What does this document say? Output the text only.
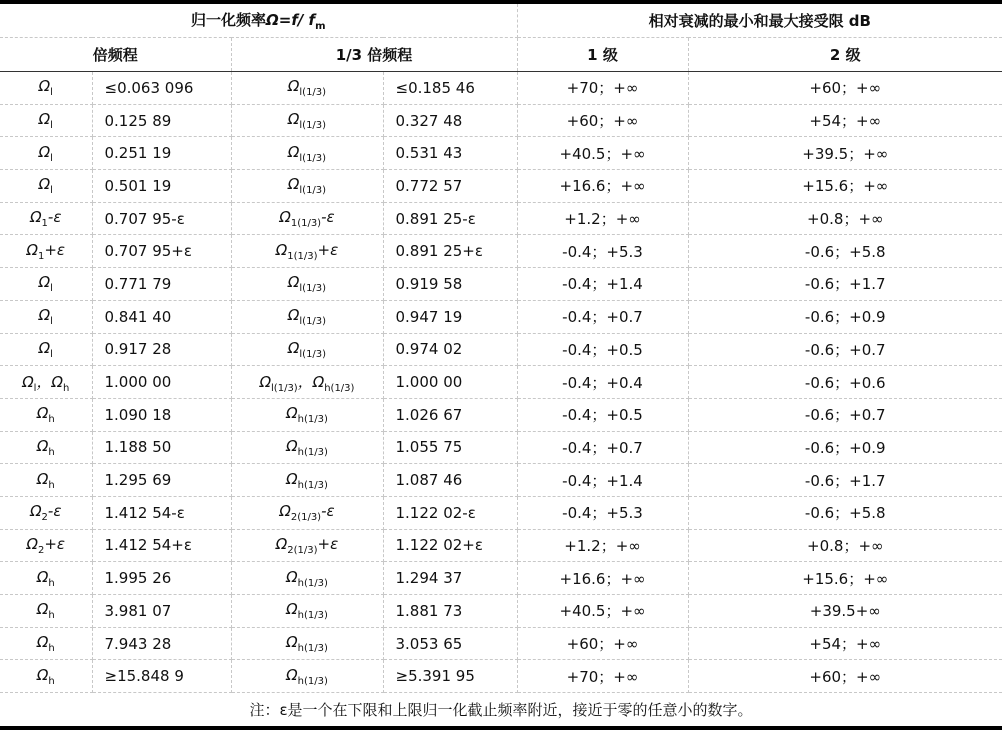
归一化频率Ω=f/ $f_m$				相对衰减的最小和最大接受限 dB	
倍频程		1/3 倍频程		1 级	2 级
$\Omega_l$	≤0.063 096	$\Omega_{l(1/3)}$	≤0.185 46	+70；+∞	+60；+∞
$\Omega_l$	0.125 89	$\Omega_{l(1/3)}$	0.327 48	+60；+∞	+54；+∞
$\Omega_l$	0.251 19	$\Omega_{l(1/3)}$	0.531 43	+40.5；+∞	+39.5；+∞
$\Omega_l$	0.501 19	$\Omega_{l(1/3)}$	0.772 57	+16.6；+∞	+15.6；+∞
$\Omega_1-\varepsilon$	0.707 95-ε	$\Omega_{1(1/3)}-\varepsilon$	0.891 25-ε	+1.2；+∞	+0.8；+∞
$\Omega_1+\varepsilon$	0.707 95+ε	$\Omega_{1(1/3)}+\varepsilon$	0.891 25+ε	-0.4；+5.3	-0.6；+5.8
$\Omega_l$	0.771 79	$\Omega_{l(1/3)}$	0.919 58	-0.4；+1.4	-0.6；+1.7
$\Omega_l$	0.841 40	$\Omega_{l(1/3)}$	0.947 19	-0.4；+0.7	-0.6；+0.9
$\Omega_l$	0.917 28	$\Omega_{l(1/3)}$	0.974 02	-0.4；+0.5	-0.6；+0.7
$\Omega_l$，$\Omega_h$	1.000 00	$\Omega_{l(1/3)}$，$\Omega_{h(1/3)}$	1.000 00	-0.4；+0.4	-0.6；+0.6
$\Omega_h$	1.090 18	$\Omega_{h(1/3)}$	1.026 67	-0.4；+0.5	-0.6；+0.7
$\Omega_h$	1.188 50	$\Omega_{h(1/3)}$	1.055 75	-0.4；+0.7	-0.6；+0.9
$\Omega_h$	1.295 69	$\Omega_{h(1/3)}$	1.087 46	-0.4；+1.4	-0.6；+1.7
$\Omega_2-\varepsilon$	1.412 54-ε	$\Omega_{2(1/3)}-\varepsilon$	1.122 02-ε	-0.4；+5.3	-0.6；+5.8
$\Omega_2+\varepsilon$	1.412 54+ε	$\Omega_{2(1/3)}+\varepsilon$	1.122 02+ε	+1.2；+∞	+0.8；+∞
$\Omega_h$	1.995 26	$\Omega_{h(1/3)}$	1.294 37	+16.6；+∞	+15.6；+∞
$\Omega_h$	3.981 07	$\Omega_{h(1/3)}$	1.881 73	+40.5；+∞	+39.5+∞
$\Omega_h$	7.943 28	$\Omega_{h(1/3)}$	3.053 65	+60；+∞	+54；+∞
$\Omega_h$	≥15.848 9	$\Omega_{h(1/3)}$	≥5.391 95	+70；+∞	+60；+∞
注：ε是一个在下限和上限归一化截止频率附近，接近于零的任意小的数字。					
